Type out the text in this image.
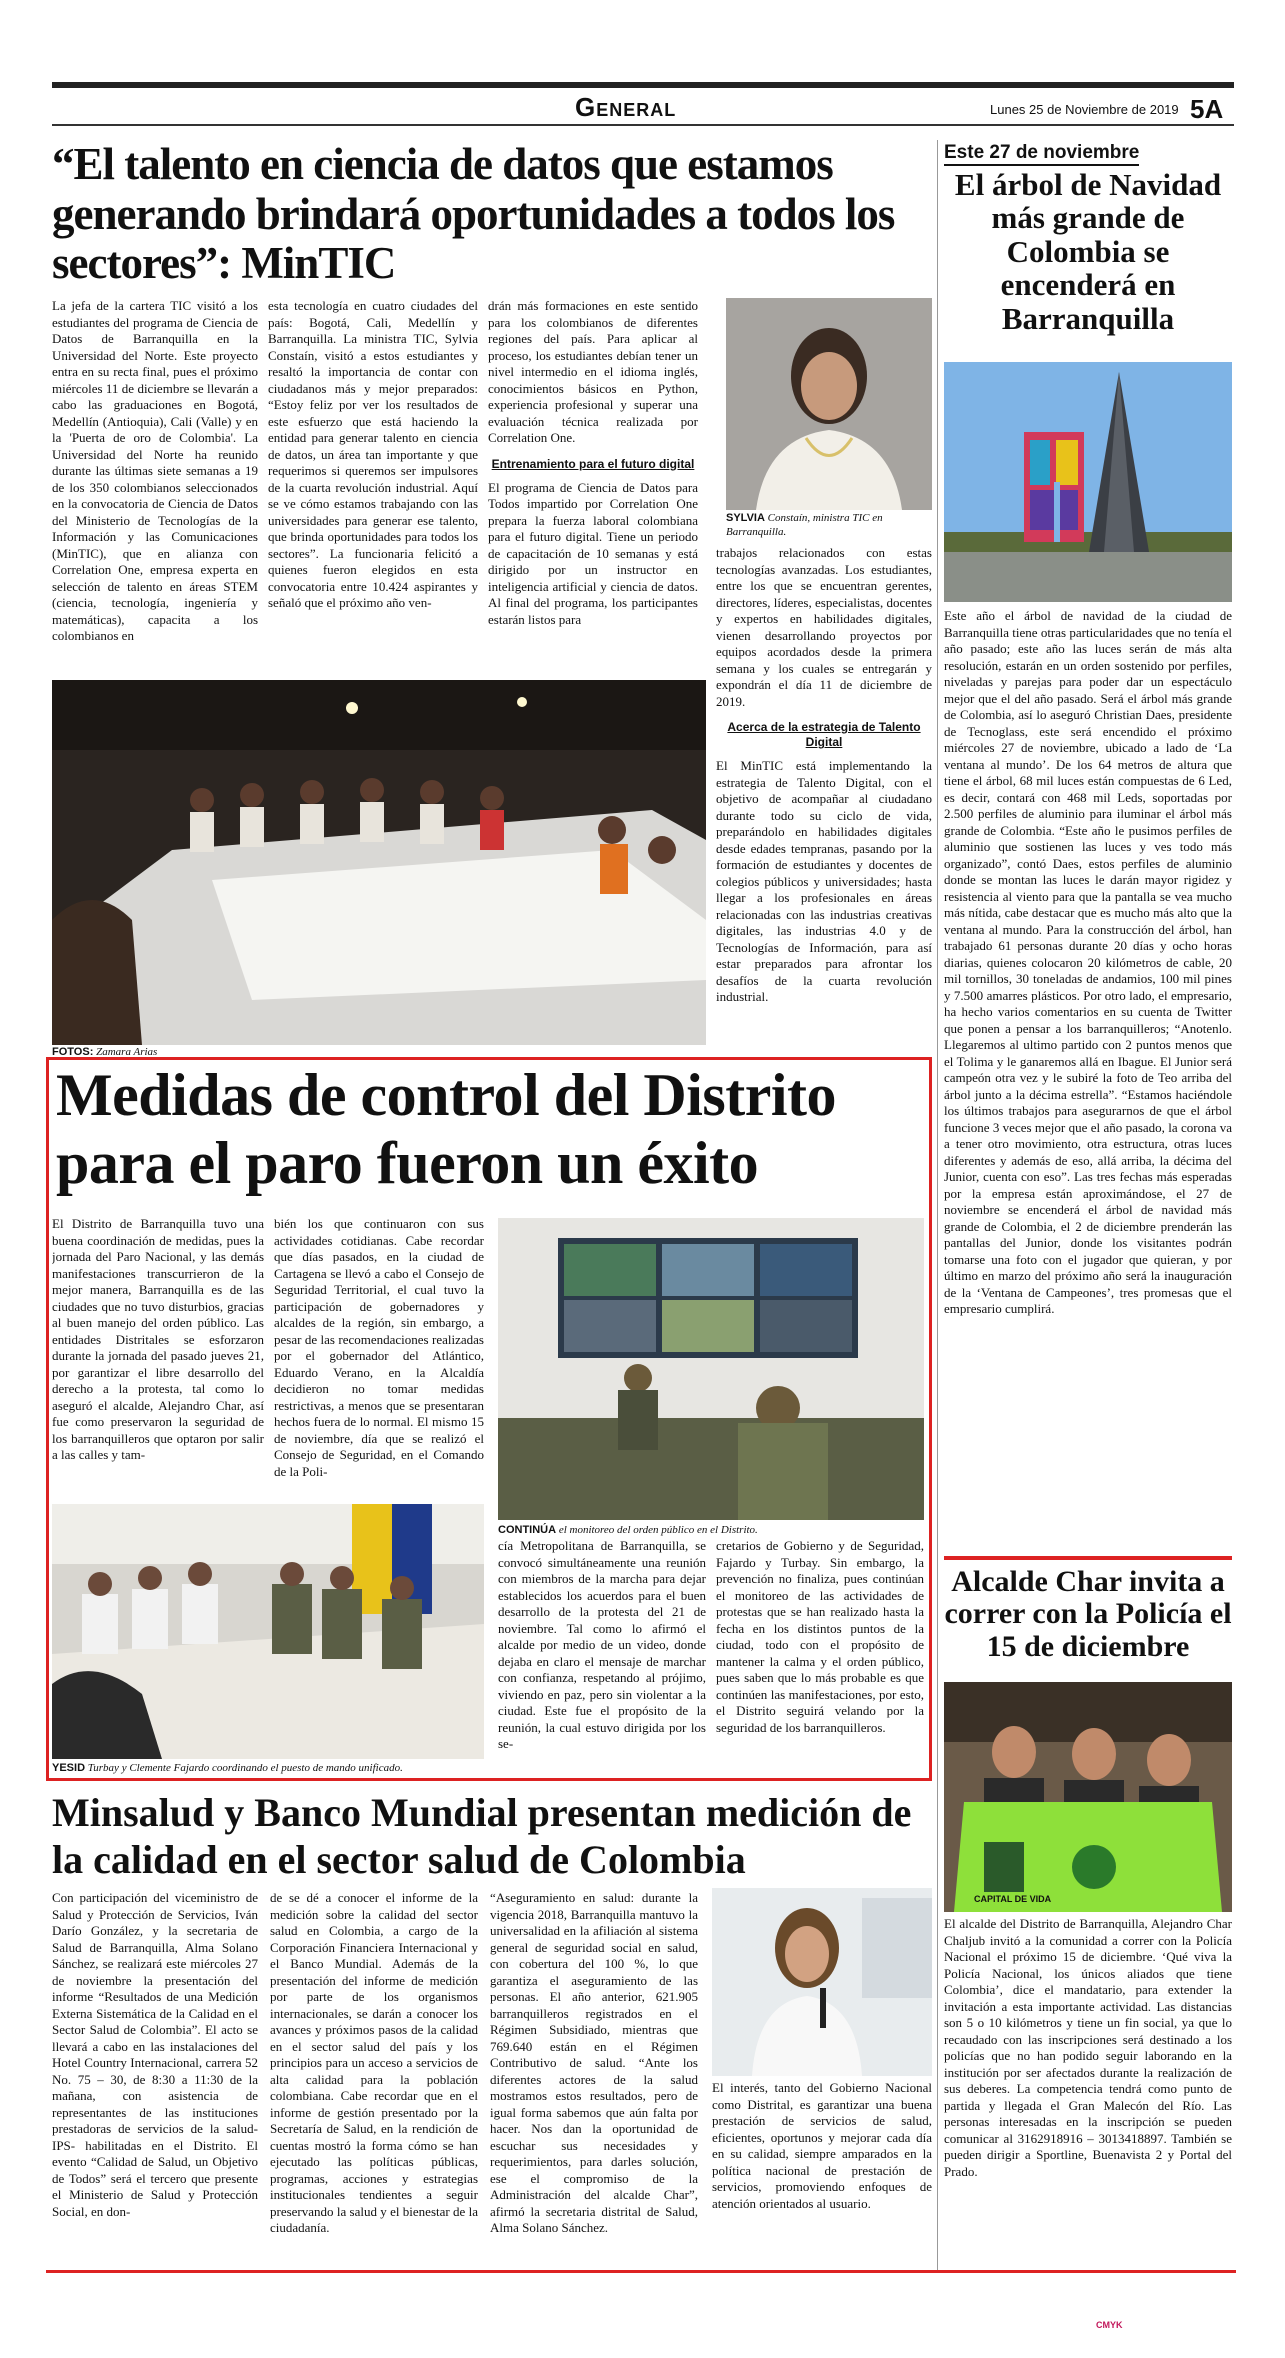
General	Lunes 25 de Noviembre de 2019 5A
“El talento en ciencia de datos que estamos generando brindará oportunidades a todos los sectores”: MinTIC
La jefa de la cartera TIC visitó a los estudiantes del programa de Ciencia de Datos de Barranquilla en la Universidad del Norte. Este proyecto entra en su recta final, pues el próximo miércoles 11 de diciembre se llevarán a cabo las graduaciones en Bogotá, Medellín (Antioquia), Cali (Valle) y en la 'Puerta de oro de Colombia'. La Universidad del Norte ha reunido durante las últimas siete semanas a 19 de los 350 colombianos seleccionados en la convocatoria de Ciencia de Datos del Ministerio de Tecnologías de la Información y las Comunicaciones (MinTIC), que en alianza con Correlation One, empresa experta en selección de talento en áreas STEM (ciencia, tecnología, ingeniería y matemáticas), capacita a los colombianos en
esta tecnología en cuatro ciudades del país: Bogotá, Cali, Medellín y Barranquilla. La ministra TIC, Sylvia Constaín, visitó a estos estudiantes y resaltó la importancia de contar con ciudadanos más y mejor preparados: “Estoy feliz por ver los resultados de este esfuerzo que está haciendo la entidad para generar talento en ciencia de datos, un área tan importante y que requerimos si queremos ser impulsores de la cuarta revolución industrial. Aquí se ve cómo estamos trabajando con las universidades para generar ese talento, que brinda oportunidades para todos los sectores”. La funcionaria felicitó a quienes fueron elegidos en esta convocatoria entre 10.424 aspirantes y señaló que el próximo año ven-

drán más formaciones en este sentido para los colombianos de diferentes regiones del país. Para aplicar al proceso, los estudiantes debían tener un nivel intermedio en el idioma inglés, conocimientos básicos en Python, experiencia profesional y superar una evaluación técnica realizada por Correlation One.

Entrenamiento para el futuro digital

El programa de Ciencia de Datos para Todos impartido por Correlation One prepara la fuerza laboral colombiana para el futuro digital. Tiene un periodo de capacitación de 10 semanas y está dirigido por un instructor en inteligencia artificial y ciencia de datos. Al final del programa, los participantes estarán listos para

SYLVIA Constaín, ministra TIC en Barranquilla.

trabajos relacionados con estas tecnologías avanzadas. Los estudiantes, entre los que se encuentran gerentes, directores, líderes, especialistas, docentes y expertos en habilidades digitales, vienen desarrollando proyectos por equipos acordados desde la primera semana y los cuales se entregarán y expondrán el día 11 de diciembre de 2019.

Acerca de la estrategia de Talento Digital

El MinTIC está implementando la estrategia de Talento Digital, con el objetivo de acompañar al ciudadano durante todo su ciclo de vida, preparándolo en habilidades digitales desde edades tempranas, pasando por la formación de estudiantes y docentes de colegios públicos y universidades; hasta llegar a los profesionales en áreas relacionadas con las industrias creativas digitales, las industrias 4.0 y de Tecnologías de Información, para así estar preparados para afrontar los desafíos de la cuarta revolución industrial.

FOTOS: Zamara Arias
Medidas de control del Distrito para el paro fueron un éxito
El Distrito de Barranquilla tuvo una buena coordinación de medidas, pues la jornada del Paro Nacional, y las demás manifestaciones transcurrieron de la mejor manera, Barranquilla es de las ciudades que no tuvo disturbios, gracias al buen manejo del orden público. Las entidades Distritales se esforzaron durante la jornada del pasado jueves 21, por garantizar el libre desarrollo del derecho a la protesta, tal como lo aseguró el alcalde, Alejandro Char, así fue como preservaron la seguridad de los barranquilleros que optaron por salir a las calles y tam-
bién los que continuaron con sus actividades cotidianas. Cabe recordar que días pasados, en la ciudad de Cartagena se llevó a cabo el Consejo de Seguridad Territorial, el cual tuvo la participación de gobernadores y alcaldes de la región, sin embargo, a pesar de las recomendaciones realizadas por el gobernador del Atlántico, Eduardo Verano, en la Alcaldía decidieron no tomar medidas restrictivas, a menos que se presentaran hechos fuera de lo normal. El mismo 15 de noviembre, día que se realizó el Consejo de Seguridad, en el Comando de la Poli-
CONTINÚA el monitoreo del orden público en el Distrito.
YESID Turbay y Clemente Fajardo coordinando el puesto de mando unificado.
cía Metropolitana de Barranquilla, se convocó simultáneamente una reunión con miembros de la marcha para dejar establecidos los acuerdos para el buen desarrollo de la protesta del 21 de noviembre. Tal como lo afirmó el alcalde por medio de un video, donde dejaba en claro el mensaje de marchar con confianza, respetando al prójimo, viviendo en paz, pero sin violentar a la ciudad. Este fue el propósito de la reunión, la cual estuvo dirigida por los se-
cretarios de Gobierno y de Seguridad, Fajardo y Turbay. Sin embargo, la prevención no finaliza, pues continúan el monitoreo de las actividades de protestas que se han realizado hasta la fecha en los distintos puntos de la ciudad, todo con el propósito de mantener la calma y el orden público, pues saben que lo más probable es que continúen las manifestaciones, por esto, el Distrito seguirá velando por la seguridad de los barranquilleros.
Minsalud y Banco Mundial presentan medición de la calidad en el sector salud de Colombia
Con participación del viceministro de Salud y Protección de Servicios, Iván Darío González, y la secretaria de Salud de Barranquilla, Alma Solano Sánchez, se realizará este miércoles 27 de noviembre la presentación del informe “Resultados de una Medición Externa Sistemática de la Calidad en el Sector Salud de Colombia”. El acto se llevará a cabo en las instalaciones del Hotel Country Internacional, carrera 52 No. 75 – 30, de 8:30 a 11:30 de la mañana, con asistencia de representantes de las instituciones prestadoras de servicios de la salud-IPS- habilitadas en el Distrito. El evento “Calidad de Salud, un Objetivo de Todos” será el tercero que presente el Ministerio de Salud y Protección Social, en don-
de se dé a conocer el informe de la medición sobre la calidad del sector salud en Colombia, a cargo de la Corporación Financiera Internacional y el Banco Mundial. Además de la presentación del informe de medición por parte de los organismos internacionales, se darán a conocer los avances y próximos pasos de la calidad en el sector salud del país y los principios para un acceso a servicios de alta calidad para la población colombiana. Cabe recordar que en el informe de gestión presentado por la Secretaría de Salud, en la rendición de cuentas mostró la forma cómo se han ejecutado las políticas públicas, programas, acciones y estrategias institucionales tendientes a seguir preservando la salud y el bienestar de la ciudadanía.
“Aseguramiento en salud: durante la vigencia 2018, Barranquilla mantuvo la universalidad en la afiliación al sistema general de seguridad social en salud, con cobertura del 100 %, lo que garantiza el aseguramiento de las personas. El año anterior, 621.905 barranquilleros registrados en el Régimen Subsidiado, mientras que 769.640 están en el Régimen Contributivo de salud. “Ante los diferentes actores de la salud mostramos estos resultados, pero de igual forma sabemos que aún falta por hacer. Nos dan la oportunidad de escuchar sus necesidades y requerimientos, para darles solución, ese el compromiso de la Administración del alcalde Char”, afirmó la secretaria distrital de Salud, Alma Solano Sánchez.
El interés, tanto del Gobierno Nacional como Distrital, es garantizar una buena prestación de servicios de salud, eficientes, oportunos y mejorar cada día en su calidad, siempre amparados en la política nacional de prestación de servicios, promoviendo enfoques de atención orientados al usuario.
Este 27 de noviembre
El árbol de Navidad más grande de Colombia se encenderá en Barranquilla
Este año el árbol de navidad de la ciudad de Barranquilla tiene otras particularidades que no tenía el año pasado; este año las luces serán de más alta resolución, estarán en un orden sostenido por perfiles, niveladas y parejas para poder dar un espectáculo mejor que el del año pasado. Será el árbol más grande de Colombia, así lo aseguró Christian Daes, presidente de Tecnoglass, este será encendido el próximo miércoles 27 de noviembre, ubicado a lado de ‘La ventana al mundo’. De los 64 metros de altura que tiene el árbol, 68 mil luces están compuestas de 6 Led, es decir, contará con 468 mil Leds, soportadas por 2.500 perfiles de aluminio para iluminar el árbol más grande de Colombia. “Este año le pusimos perfiles de aluminio que sostienen las luces y ves todo más organizado”, contó Daes, estos perfiles de aluminio donde se montan las luces le darán mayor rigidez y resistencia al viento para que la pantalla se vea mucho más nítida, cabe destacar que es mucho más alto que la ventana al mundo. Para la construcción del árbol, han trabajado 61 personas durante 20 días y ocho horas diarias, quienes colocaron 20 kilómetros de cable, 20 mil tornillos, 30 toneladas de andamios, 100 mil pines y 7.500 amarres plásticos. Por otro lado, el empresario, ha hecho varios comentarios en su cuenta de Twitter que ponen a pensar a los barranquilleros; “Anotenlo. Llegaremos al ultimo partido con 2 puntos menos que el Tolima y le ganaremos allá en Ibague. El Junior será campeón otra vez y le subiré la foto de Teo arriba del árbol junto a la décima estrella”. “Estamos haciéndole los últimos trabajos para asegurarnos de que el árbol funcione 3 veces mejor que el año pasado, la corona va a tener otro movimiento, otra estructura, otras luces diferentes y además de eso, allá arriba, la décima del Junior, cuenta con eso”. Las tres fechas más esperadas por la empresa están aproximándose, el 27 de noviembre se encenderá el árbol de navidad más grande de Colombia, el 2 de diciembre prenderán las pantallas del Junior, donde los visitantes podrán tomarse una foto con el jugador que quieran, y por último en marzo del próximo año será la inauguración de la ‘Ventana de Campeones’, tres promesas que el empresario cumplirá.
Alcalde Char invita a correr con la Policía el 15 de diciembre
CAPITAL DE VIDA
El alcalde del Distrito de Barranquilla, Alejandro Char Chaljub invitó a la comunidad a correr con la Policía Nacional el próximo 15 de diciembre. ‘Qué viva la Policía Nacional, los únicos aliados que tiene Colombia’, dice el mandatario, para extender la invitación a esta importante actividad. Las distancias son 5 o 10 kilómetros y tiene un fin social, ya que lo recaudado con las inscripciones será destinado a los policías que no han podido seguir laborando en la institución por ser afectados durante la realización de sus deberes. La competencia tendrá como punto de partida y llegada el Gran Malecón del Río. Las personas interesadas en la inscripción se pueden comunicar al 3162918916 – 3013418897. También se pueden dirigir a Sportline, Buenavista 2 y Portal del Prado.
CMYK
